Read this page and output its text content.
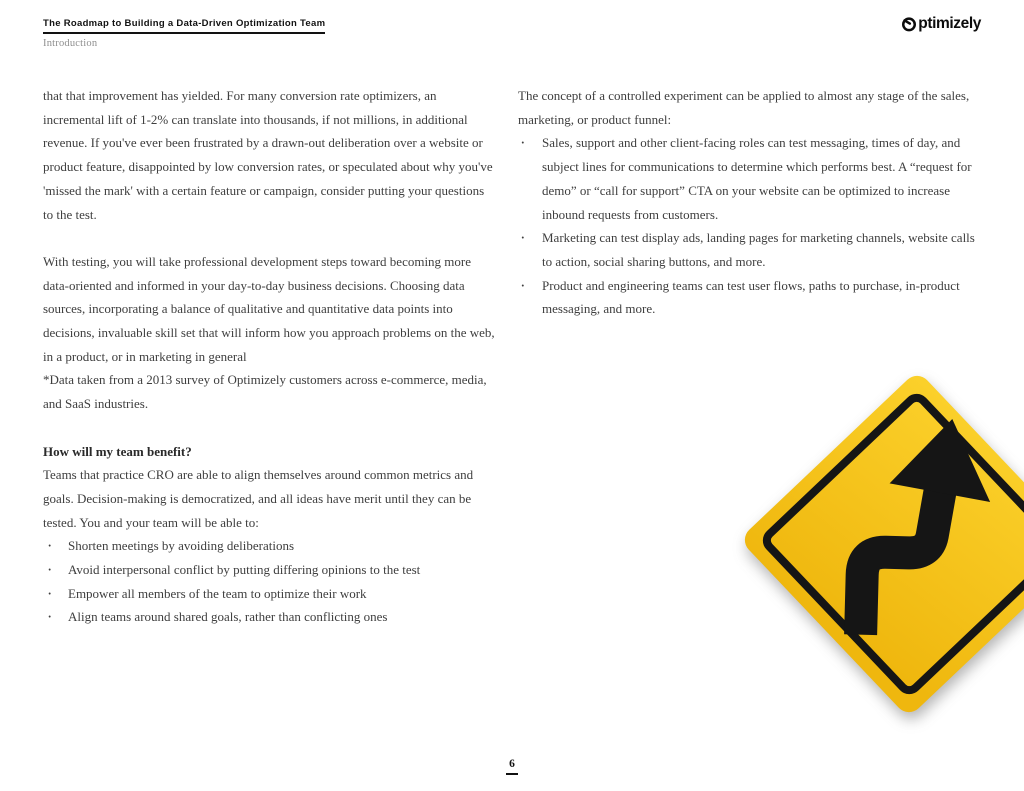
The Roadmap to Building a Data-Driven Optimization Team
Introduction
ptimizely
that that improvement has yielded. For many conversion rate optimizers, an incremental lift of 1-2% can translate into thousands, if not millions, in additional revenue. If you've ever been frustrated by a drawn-out deliberation over a website or product feature, disappointed by low conversion rates, or speculated about why you've 'missed the mark' with a certain feature or campaign, consider putting your questions to the test.
With testing, you will take professional development steps toward becoming more data-oriented and informed in your day-to-day business decisions. Choosing data sources, incorporating a balance of qualitative and quantitative data points into decisions, invaluable skill set that will inform how you approach problems on the web, in a product, or in marketing in general
*Data taken from a 2013 survey of Optimizely customers across e-commerce, media, and SaaS industries.
How will my team benefit?
Teams that practice CRO are able to align themselves around common metrics and goals. Decision-making is democratized, and all ideas have merit until they can be tested. You and your team will be able to:
•	Shorten meetings by avoiding deliberations
•	Avoid interpersonal conflict by putting differing opinions to the test
•	Empower all members of the team to optimize their work
•	Align teams around shared goals, rather than conflicting ones
The concept of a controlled experiment can be applied to almost any stage of the sales, marketing, or product funnel:
•	Sales, support and other client-facing roles can test messaging, times of day, and subject lines for communications to determine which performs best. A “request for demo” or “call for support” CTA on your website can be optimized to increase inbound requests from customers.
•	Marketing can test display ads, landing pages for marketing channels, website calls to action, social sharing buttons, and more.
•	Product and engineering teams can test user flows, paths to purchase, in-product messaging, and more.
6
